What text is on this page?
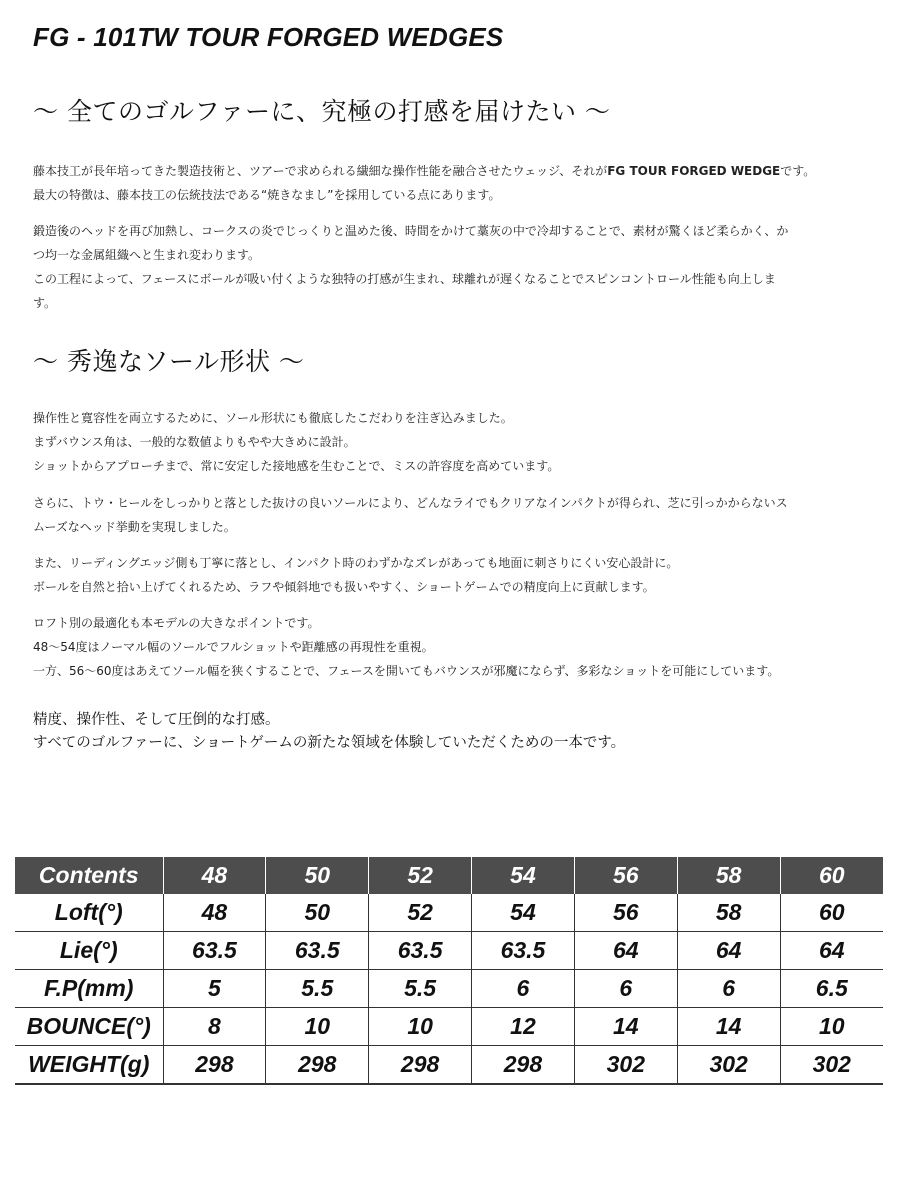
FG - 101TW TOUR FORGED WEDGES
～ 全てのゴルファーに、究極の打感を届けたい ～

藤本技工が長年培ってきた製造技術と、ツアーで求められる繊細な操作性能を融合させたウェッジ、それがFG TOUR FORGED WEDGEです。

最大の特徴は、藤本技工の伝統技法である“焼きなまし”を採用している点にあります。

鍛造後のヘッドを再び加熱し、コークスの炎でじっくりと温めた後、時間をかけて藁灰の中で冷却することで、素材が驚くほど柔らかく、か

つ均一な金属組織へと生まれ変わります。

この工程によって、フェースにボールが吸い付くような独特の打感が生まれ、球離れが遅くなることでスピンコントロール性能も向上しま

す。

～ 秀逸なソール形状 ～

操作性と寛容性を両立するために、ソール形状にも徹底したこだわりを注ぎ込みました。

まずバウンス角は、一般的な数値よりもやや大きめに設計。

ショットからアプローチまで、常に安定した接地感を生むことで、ミスの許容度を高めています。

さらに、トウ・ヒールをしっかりと落とした抜けの良いソールにより、どんなライでもクリアなインパクトが得られ、芝に引っかからないス

ムーズなヘッド挙動を実現しました。

また、リーディングエッジ側も丁寧に落とし、インパクト時のわずかなズレがあっても地面に刺さりにくい安心設計に。

ボールを自然と拾い上げてくれるため、ラフや傾斜地でも扱いやすく、ショートゲームでの精度向上に貢献します。

ロフト別の最適化も本モデルの大きなポイントです。

48～54度はノーマル幅のソールでフルショットや距離感の再現性を重視。

一方、56～60度はあえてソール幅を狭くすることで、フェースを開いてもバウンスが邪魔にならず、多彩なショットを可能にしています。

精度、操作性、そして圧倒的な打感。

すべてのゴルファーに、ショートゲームの新たな領域を体験していただくための一本です。

Contents	48	50	52	54	56	58	60
Loft(°)	48	50	52	54	56	58	60
Lie(°)	63.5	63.5	63.5	63.5	64	64	64
F.P(mm)	5	5.5	5.5	6	6	6	6.5
BOUNCE(°)	8	10	10	12	14	14	10
WEIGHT(g)	298	298	298	298	302	302	302
